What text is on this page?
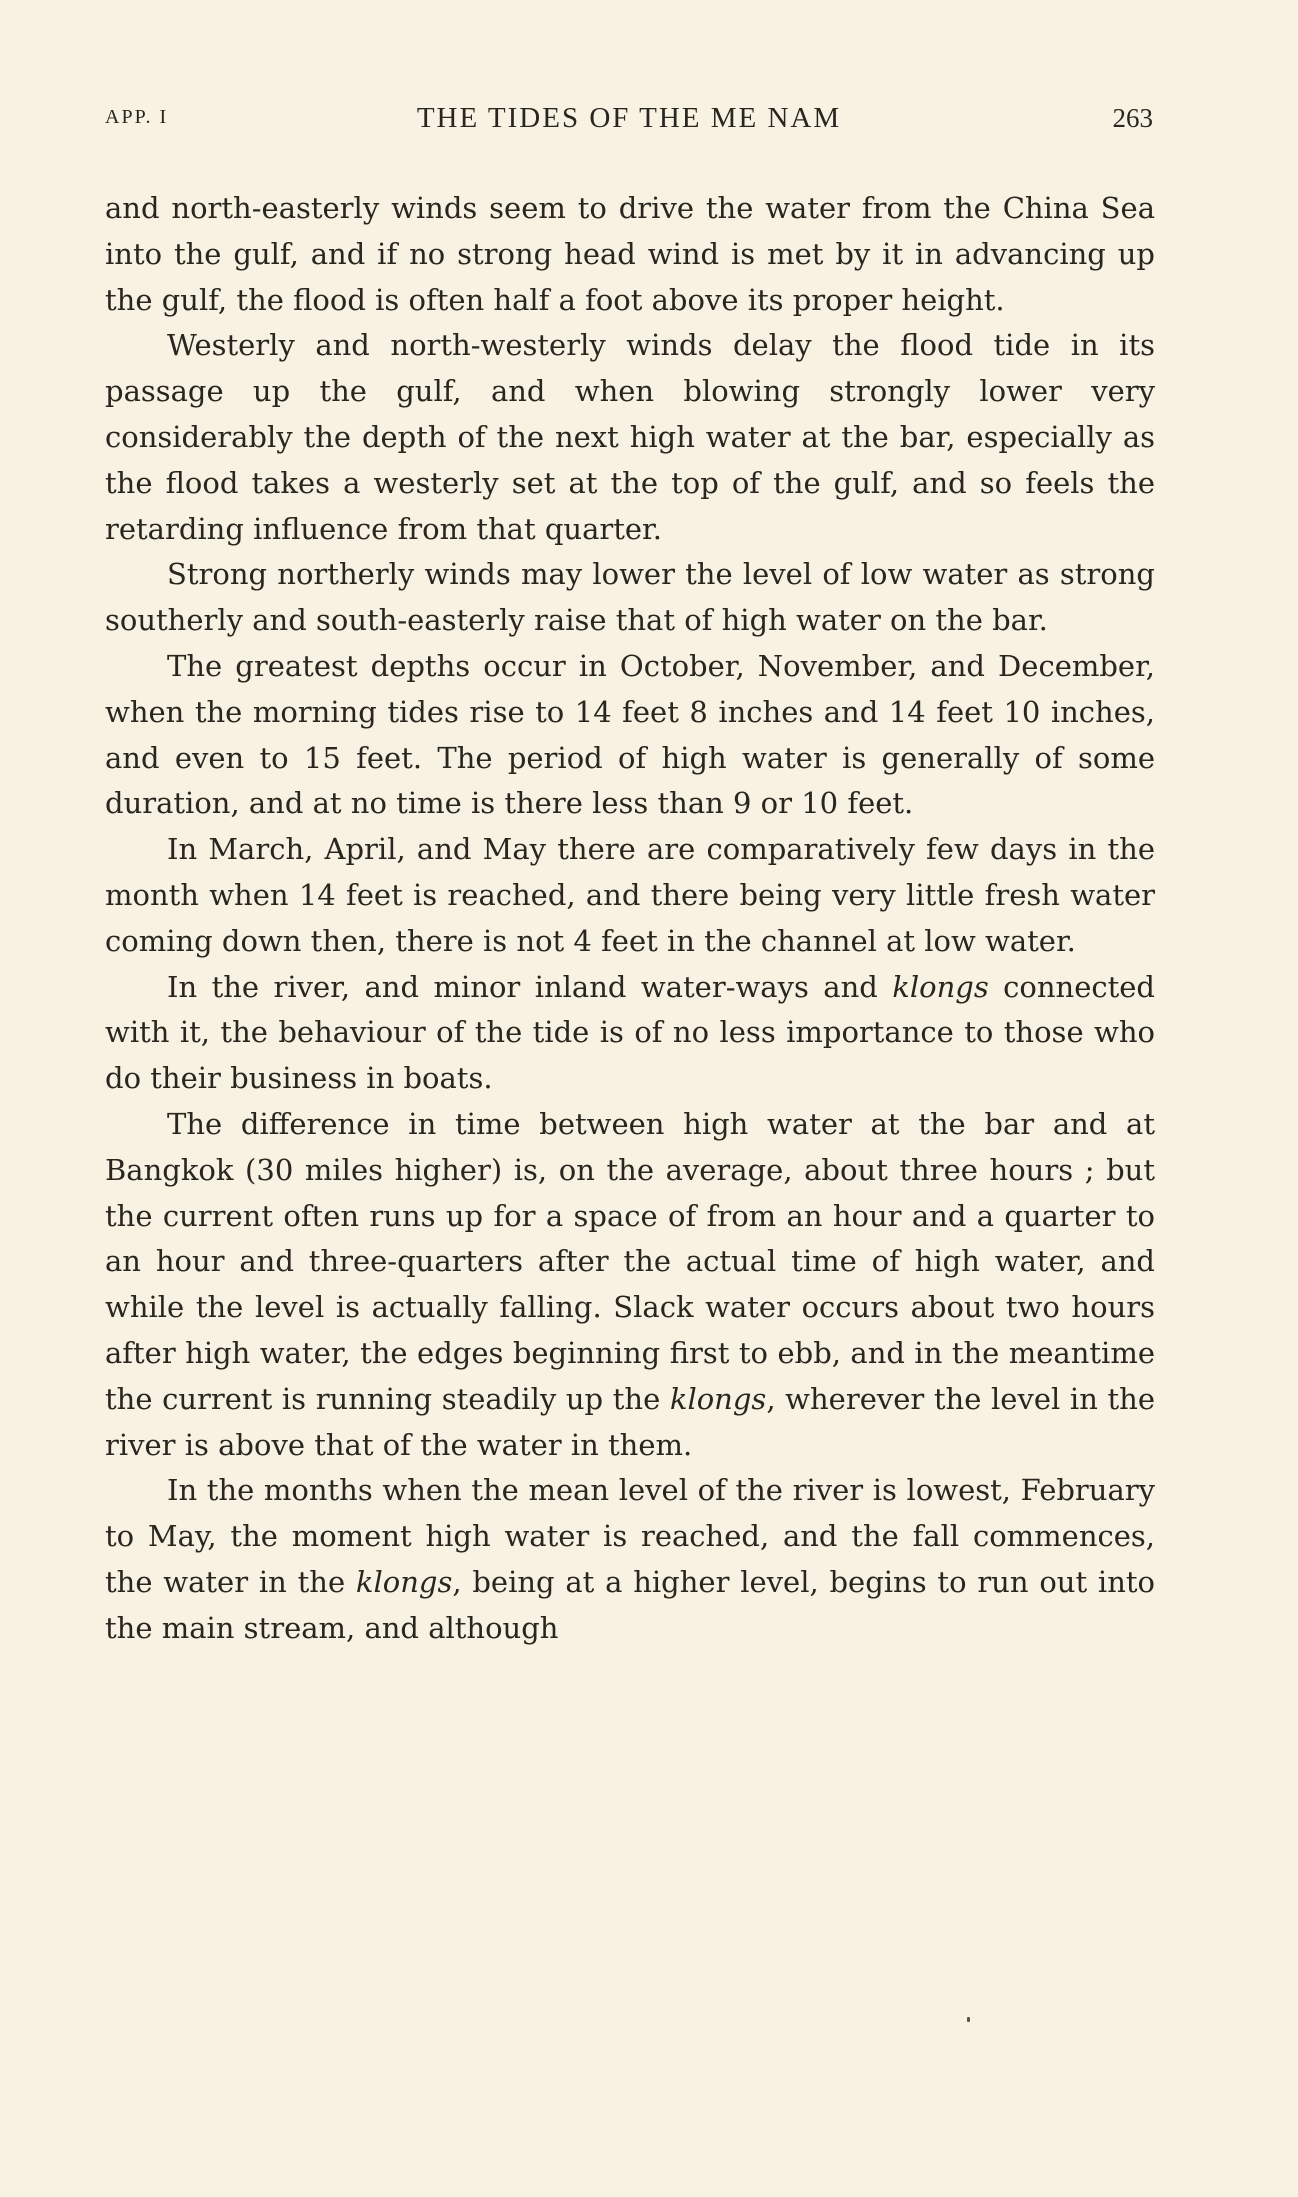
APP. I	THE TIDES OF THE ME NAM	263

and north-easterly winds seem to drive the water from the China Sea into the gulf, and if no strong head wind is met by it in advancing up the gulf, the flood is often half a foot above its proper height.

Westerly and north-westerly winds delay the flood tide in its passage up the gulf, and when blowing strongly lower very considerably the depth of the next high water at the bar, especially as the flood takes a westerly set at the top of the gulf, and so feels the retarding influence from that quarter.

Strong northerly winds may lower the level of low water as strong southerly and south-easterly raise that of high water on the bar.

The greatest depths occur in October, November, and December, when the morning tides rise to 14 feet 8 inches and 14 feet 10 inches, and even to 15 feet. The period of high water is generally of some duration, and at no time is there less than 9 or 10 feet.

In March, April, and May there are comparatively few days in the month when 14 feet is reached, and there being very little fresh water coming down then, there is not 4 feet in the channel at low water.

In the river, and minor inland water-ways and klongs connected with it, the behaviour of the tide is of no less importance to those who do their business in boats.

The difference in time between high water at the bar and at Bangkok (30 miles higher) is, on the average, about three hours ; but the current often runs up for a space of from an hour and a quarter to an hour and three-quarters after the actual time of high water, and while the level is actually falling. Slack water occurs about two hours after high water, the edges beginning first to ebb, and in the meantime the current is running steadily up the klongs, wherever the level in the river is above that of the water in them.

In the months when the mean level of the river is lowest, February to May, the moment high water is reached, and the fall commences, the water in the klongs, being at a higher level, begins to run out into the main stream, and although
